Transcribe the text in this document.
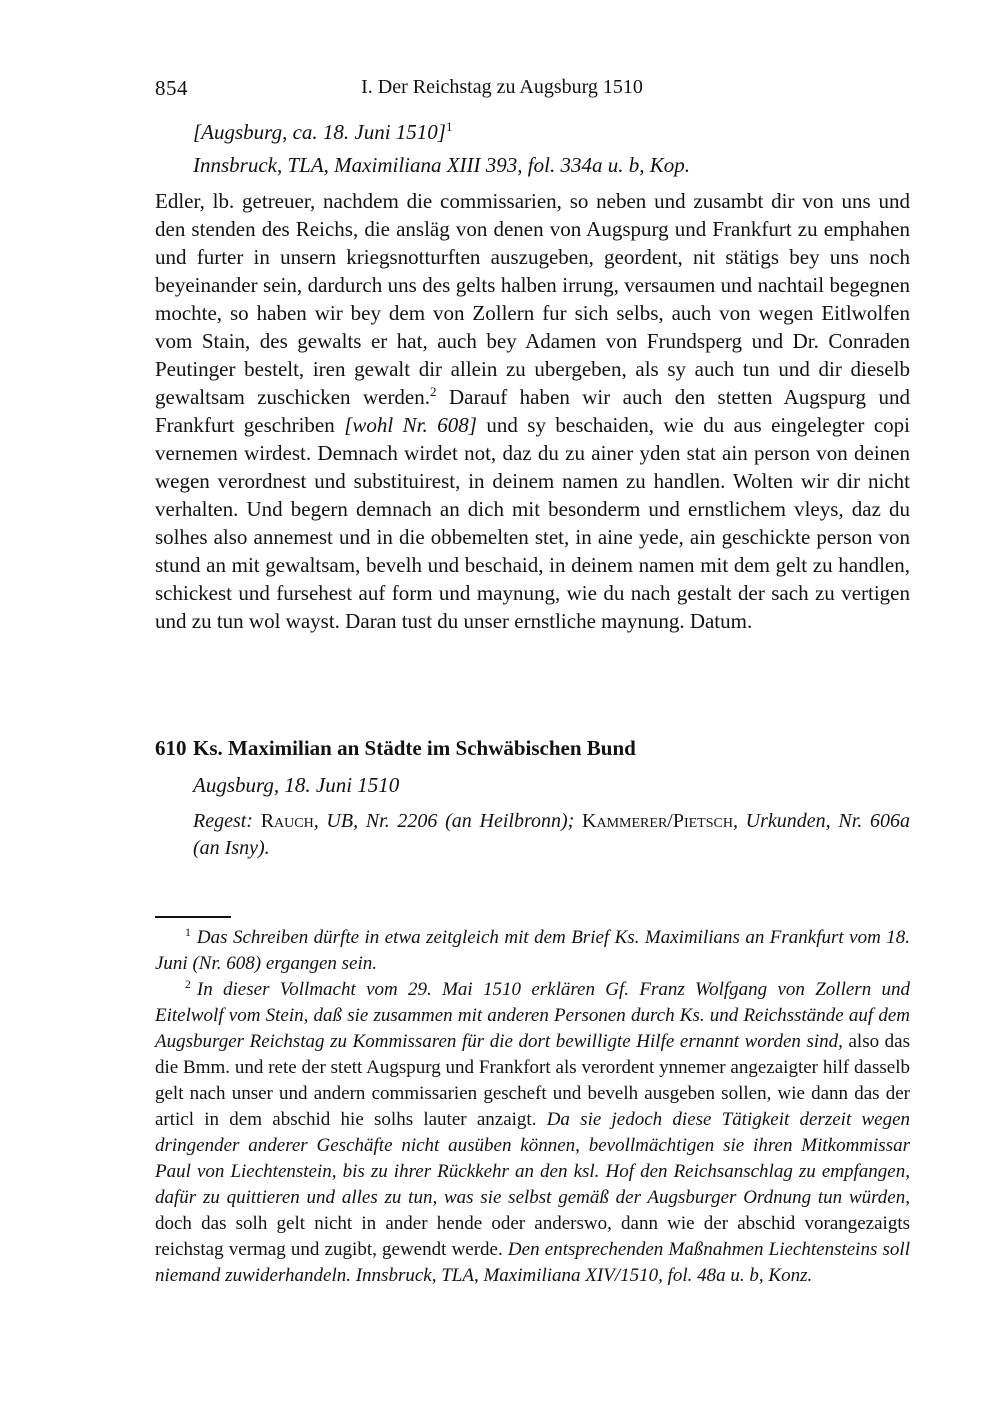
854	I. Der Reichstag zu Augsburg 1510
[Augsburg, ca. 18. Juni 1510]$^1$
Innsbruck, TLA, Maximiliana XIII 393, fol. 334a u. b, Kop.
Edler, lb. getreuer, nachdem die commissarien, so neben und zusambt dir von uns und den stenden des Reichs, die ansläg von denen von Augspurg und Frankfurt zu emphahen und furter in unsern kriegsnotturften auszugeben, geordent, nit stätigs bey uns noch beyeinander sein, dardurch uns des gelts halben irrung, versaumen und nachtail begegnen mochte, so haben wir bey dem von Zollern fur sich selbs, auch von wegen Eitlwolfen vom Stain, des gewalts er hat, auch bey Adamen von Frundsperg und Dr. Conraden Peutinger bestelt, iren gewalt dir allein zu ubergeben, als sy auch tun und dir dieselb gewaltsam zuschicken werden.$^2$ Darauf haben wir auch den stetten Augspurg und Frankfurt geschriben [wohl Nr. 608] und sy beschaiden, wie du aus eingelegter copi vernemen wirdest. Demnach wirdet not, daz du zu ainer yden stat ain person von deinen wegen verordnest und substituirest, in deinem namen zu handlen. Wolten wir dir nicht verhalten. Und begern demnach an dich mit besonderm und ernstlichem vleys, daz du solhes also annemest und in die obbemelten stet, in aine yede, ain geschickte person von stund an mit gewaltsam, bevelh und beschaid, in deinem namen mit dem gelt zu handlen, schickest und fursehest auf form und maynung, wie du nach gestalt der sach zu vertigen und zu tun wol wayst. Daran tust du unser ernstliche maynung. Datum.
610 Ks. Maximilian an Städte im Schwäbischen Bund
Augsburg, 18. Juni 1510
Regest: Rauch, UB, Nr. 2206 (an Heilbronn); Kammerer/Pietsch, Urkunden, Nr. 606a (an Isny).

$^1$ Das Schreiben dürfte in etwa zeitgleich mit dem Brief Ks. Maximilians an Frankfurt vom 18. Juni (Nr. 608) ergangen sein.

$^2$ In dieser Vollmacht vom 29. Mai 1510 erklären Gf. Franz Wolfgang von Zollern und Eitelwolf vom Stein, daß sie zusammen mit anderen Personen durch Ks. und Reichsstände auf dem Augsburger Reichstag zu Kommissaren für die dort bewilligte Hilfe ernannt worden sind, also das die Bmm. und rete der stett Augspurg und Frankfort als verordent ynnemer angezaigter hilf dasselb gelt nach unser und andern commissarien gescheft und bevelh ausgeben sollen, wie dann das der articl in dem abschid hie solhs lauter anzaigt. Da sie jedoch diese Tätigkeit derzeit wegen dringender anderer Geschäfte nicht ausüben können, bevollmächtigen sie ihren Mitkommissar Paul von Liechtenstein, bis zu ihrer Rückkehr an den ksl. Hof den Reichsanschlag zu empfangen, dafür zu quittieren und alles zu tun, was sie selbst gemäß der Augsburger Ordnung tun würden, doch das solh gelt nicht in ander hende oder anderswo, dann wie der abschid vorangezaigts reichstag vermag und zugibt, gewendt werde. Den entsprechenden Maßnahmen Liechtensteins soll niemand zuwiderhandeln. Innsbruck, TLA, Maximiliana XIV/1510, fol. 48a u. b, Konz.
